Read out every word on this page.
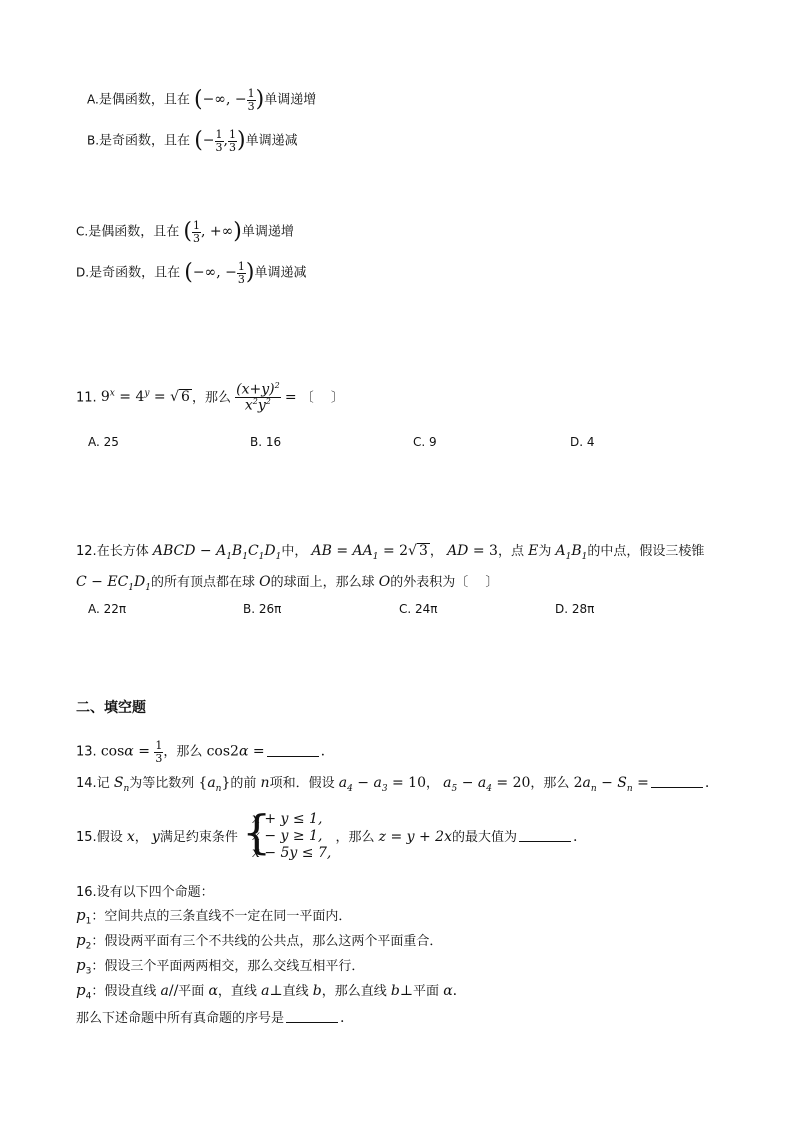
A.是偶函数，且在 (−∞, − $\frac{1}{3}$ )单调递增
B.是奇函数，且在 (− $\frac{1}{3}$ , $\frac{1}{3}$ )单调递减
C.是偶函数，且在 ( $\frac{1}{3}$ , +∞)单调递增
D.是奇函数，且在 (−∞, − $\frac{1}{3}$ )单调递减
11. $9^x = 4^y$ = √ 6 ，那么 $\frac{(x+y)^2}{x^2y^2}$ = 〔　 〕
A. 25	B. 16	C. 9	D. 4
12.在长方体 ABCD − $A_1B_1C_1D_1$中， AB = $AA_1 = 2√$ 3 ， AD = 3，点 E为 $A_1B_1$的中点，假设三棱锥
$C - EC_1D_1$的所有顶点都在球 O的球面上，那么球 O的外表积为〔　 〕
A. 22π	B. 26π	C. 24π	D. 28π
二、填空题
13. $\cos\alpha = \frac{1}{3}$ ，那么 cos2α =	.
14.记 $S_n$为等比数列 $\{a_n\}$的前 n项和．假设 $a_4 - a_3 = 10$， $a_5 - a_4 = 20$，那么 $2a_n - S_n$ =	.
15.假设 x， y满足约束条件 {
x + y ≤ 1,
x − y ≥ 1,
x − 5y ≤ 7,
，那么 z = y + 2x的最大值为	.
16.设有以下四个命题：
$p_1$：空间共点的三条直线不一定在同一平面内．
$p_2$：假设两平面有三个不共线的公共点，那么这两个平面重合．
$p_3$：假设三个平面两两相交，那么交线互相平行．
$p_4$：假设直线 a//平面 α，直线 a⊥直线 b，那么直线 b⊥平面 α.
那么下述命题中所有真命题的序号是	.
